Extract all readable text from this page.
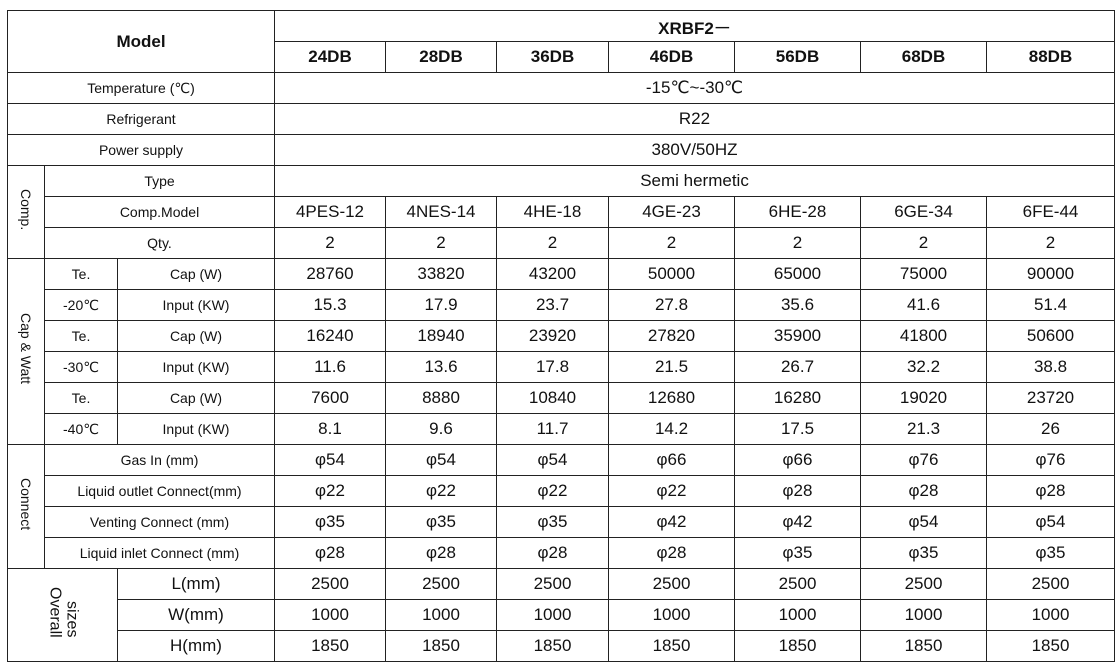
Model			XRBF2－						
			24DB	28DB	36DB	46DB	56DB	68DB	88DB
Temperature (℃)			-15℃~-30℃						
Refrigerant			R22						
Power supply			380V/50HZ						
Comp.	Type		Semi hermetic						
	Comp.Model		4PES-12	4NES-14	4HE-18	4GE-23	6HE-28	6GE-34	6FE-44
	Qty.		2	2	2	2	2	2	2
Cap & Watt	Te.	Cap (W)	28760	33820	43200	50000	65000	75000	90000
	-20℃	Input (KW)	15.3	17.9	23.7	27.8	35.6	41.6	51.4
	Te.	Cap (W)	16240	18940	23920	27820	35900	41800	50600
	-30℃	Input (KW)	11.6	13.6	17.8	21.5	26.7	32.2	38.8
	Te.	Cap (W)	7600	8880	10840	12680	16280	19020	23720
	-40℃	Input (KW)	8.1	9.6	11.7	14.2	17.5	21.3	26
Connect	Gas In (mm)		φ54	φ54	φ54	φ66	φ66	φ76	φ76
	Liquid outlet Connect(mm)		φ22	φ22	φ22	φ22	φ28	φ28	φ28
	Venting Connect (mm)		φ35	φ35	φ35	φ42	φ42	φ54	φ54
	Liquid inlet Connect (mm)		φ28	φ28	φ28	φ28	φ35	φ35	φ35
Overallsizes		L(mm)	2500	2500	2500	2500	2500	2500	2500
		W(mm)	1000	1000	1000	1000	1000	1000	1000
		H(mm)	1850	1850	1850	1850	1850	1850	1850
